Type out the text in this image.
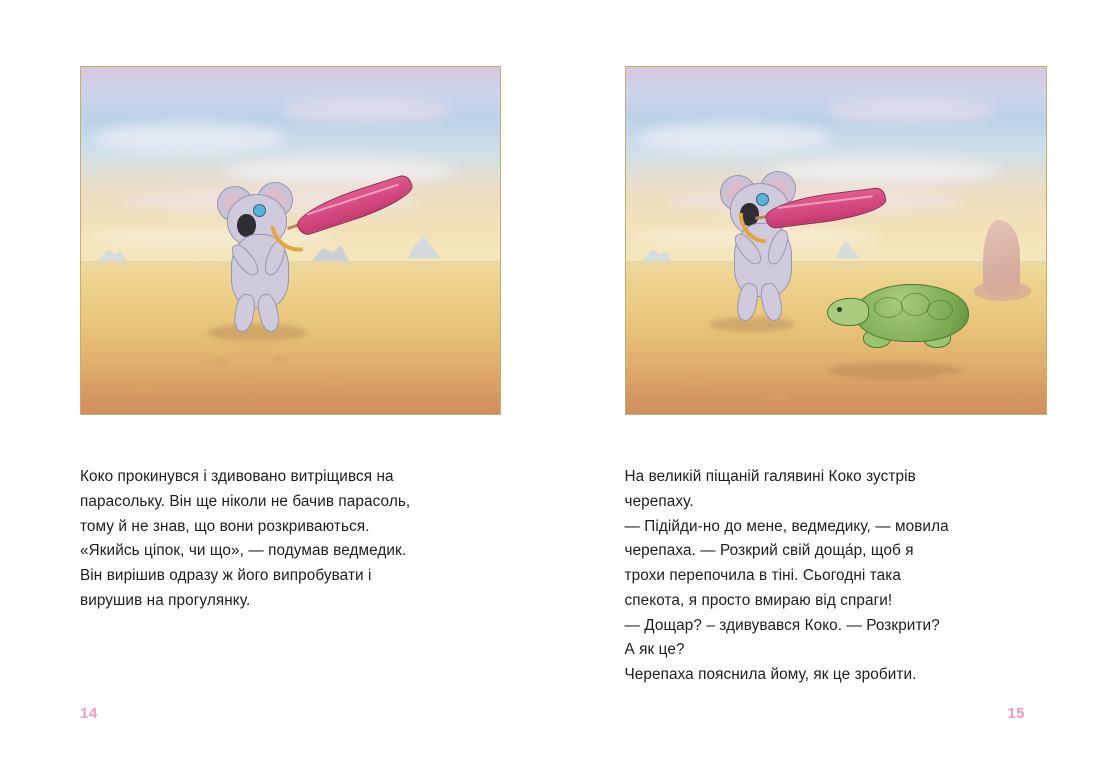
Коко прокинувся і здивовано витріщився на
парасольку. Він ще ніколи не бачив парасоль,
тому й не знав, що вони розкриваються.
«Якийсь ціпок, чи що», — подумав ведмедик.
Він вирішив одразу ж його випробувати і
вирушив на прогулянку.
14
На великій піщаній галявині Коко зустрів
черепаху.
— Підійди-но до мене, ведмедику, — мовила
черепаха. — Розкрий свій доща́р, щоб я
трохи перепочила в тіні. Сьогодні така
спекота, я просто вмираю від спраги!
— Дощар? – здивувався Коко. — Розкрити?
А як це?
Черепаха пояснила йому, як це зробити.
15
